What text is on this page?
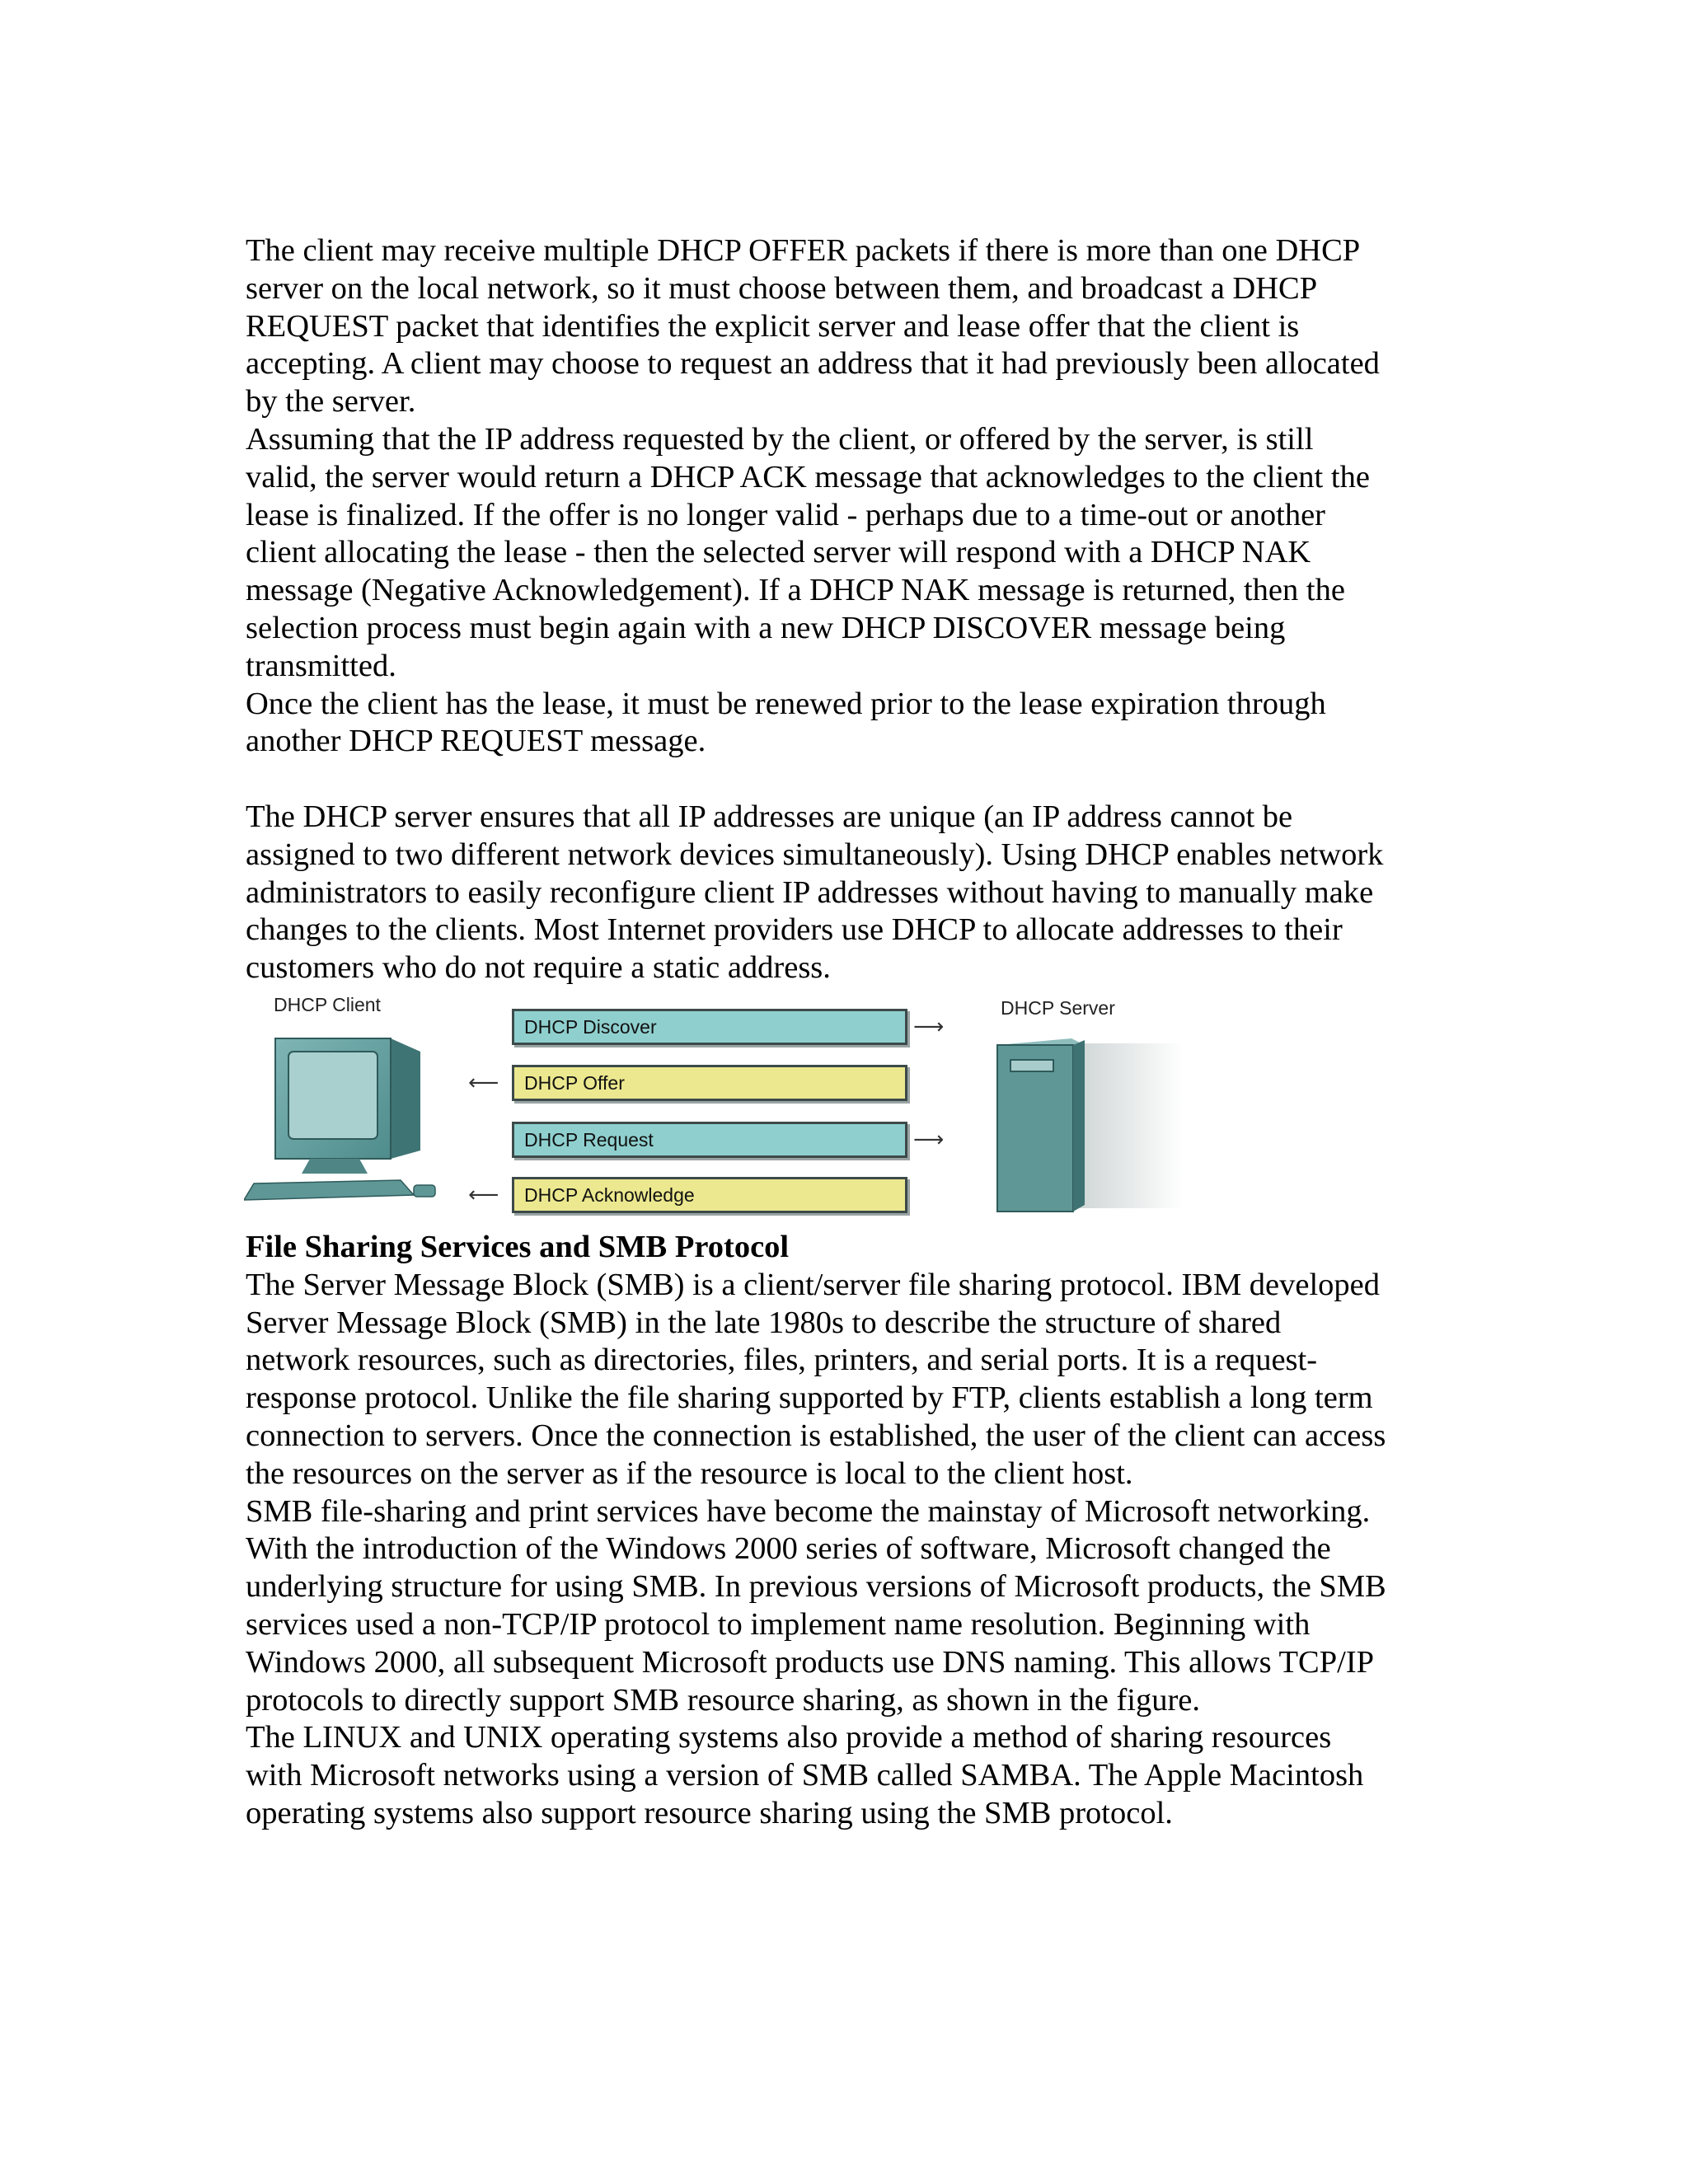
The client may receive multiple DHCP OFFER packets if there is more than one DHCP
server on the local network, so it must choose between them, and broadcast a DHCP
REQUEST packet that identifies the explicit server and lease offer that the client is
accepting. A client may choose to request an address that it had previously been allocated
by the server.

Assuming that the IP address requested by the client, or offered by the server, is still
valid, the server would return a DHCP ACK message that acknowledges to the client the
lease is finalized. If the offer is no longer valid - perhaps due to a time-out or another
client allocating the lease - then the selected server will respond with a DHCP NAK
message (Negative Acknowledgement). If a DHCP NAK message is returned, then the
selection process must begin again with a new DHCP DISCOVER message being
transmitted.

Once the client has the lease, it must be renewed prior to the lease expiration through
another DHCP REQUEST message.

The DHCP server ensures that all IP addresses are unique (an IP address cannot be
assigned to two different network devices simultaneously). Using DHCP enables network
administrators to easily reconfigure client IP addresses without having to manually make
changes to the clients. Most Internet providers use DHCP to allocate addresses to their
customers who do not require a static address.

DHCP Client	DHCP Server
DHCP Discover	⟶
DHCP Offer
⟵
DHCP Request	⟶
DHCP Acknowledge
⟵

File Sharing Services and SMB Protocol

The Server Message Block (SMB) is a client/server file sharing protocol. IBM developed
Server Message Block (SMB) in the late 1980s to describe the structure of shared
network resources, such as directories, files, printers, and serial ports. It is a request-
response protocol. Unlike the file sharing supported by FTP, clients establish a long term
connection to servers. Once the connection is established, the user of the client can access
the resources on the server as if the resource is local to the client host.

SMB file-sharing and print services have become the mainstay of Microsoft networking.
With the introduction of the Windows 2000 series of software, Microsoft changed the
underlying structure for using SMB. In previous versions of Microsoft products, the SMB
services used a non-TCP/IP protocol to implement name resolution. Beginning with
Windows 2000, all subsequent Microsoft products use DNS naming. This allows TCP/IP
protocols to directly support SMB resource sharing, as shown in the figure.

The LINUX and UNIX operating systems also provide a method of sharing resources
with Microsoft networks using a version of SMB called SAMBA. The Apple Macintosh
operating systems also support resource sharing using the SMB protocol.
